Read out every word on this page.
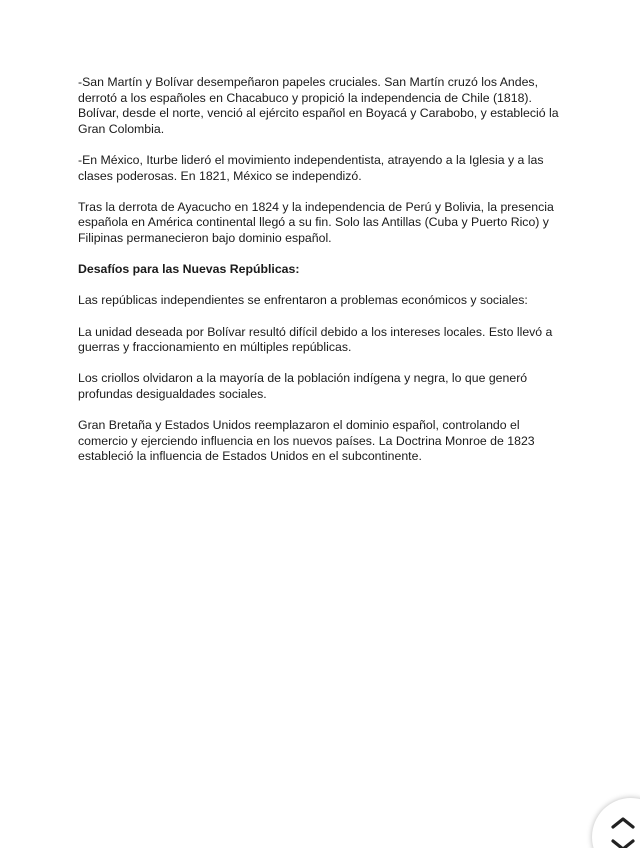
-San Martín y Bolívar desempeñaron papeles cruciales. San Martín cruzó los Andes, derrotó a los españoles en Chacabuco y propició la independencia de Chile (1818). Bolívar, desde el norte, venció al ejército español en Boyacá y Carabobo, y estableció la Gran Colombia.

-En México, Iturbe lideró el movimiento independentista, atrayendo a la Iglesia y a las clases poderosas. En 1821, México se independizó.

Tras la derrota de Ayacucho en 1824 y la independencia de Perú y Bolivia, la presencia española en América continental llegó a su fin. Solo las Antillas (Cuba y Puerto Rico) y Filipinas permanecieron bajo dominio español.

Desafíos para las Nuevas Repúblicas:

Las repúblicas independientes se enfrentaron a problemas económicos y sociales:

La unidad deseada por Bolívar resultó difícil debido a los intereses locales. Esto llevó a guerras y fraccionamiento en múltiples repúblicas.

Los criollos olvidaron a la mayoría de la población indígena y negra, lo que generó profundas desigualdades sociales.

Gran Bretaña y Estados Unidos reemplazaron el dominio español, controlando el comercio y ejerciendo influencia en los nuevos países. La Doctrina Monroe de 1823 estableció la influencia de Estados Unidos en el subcontinente.
